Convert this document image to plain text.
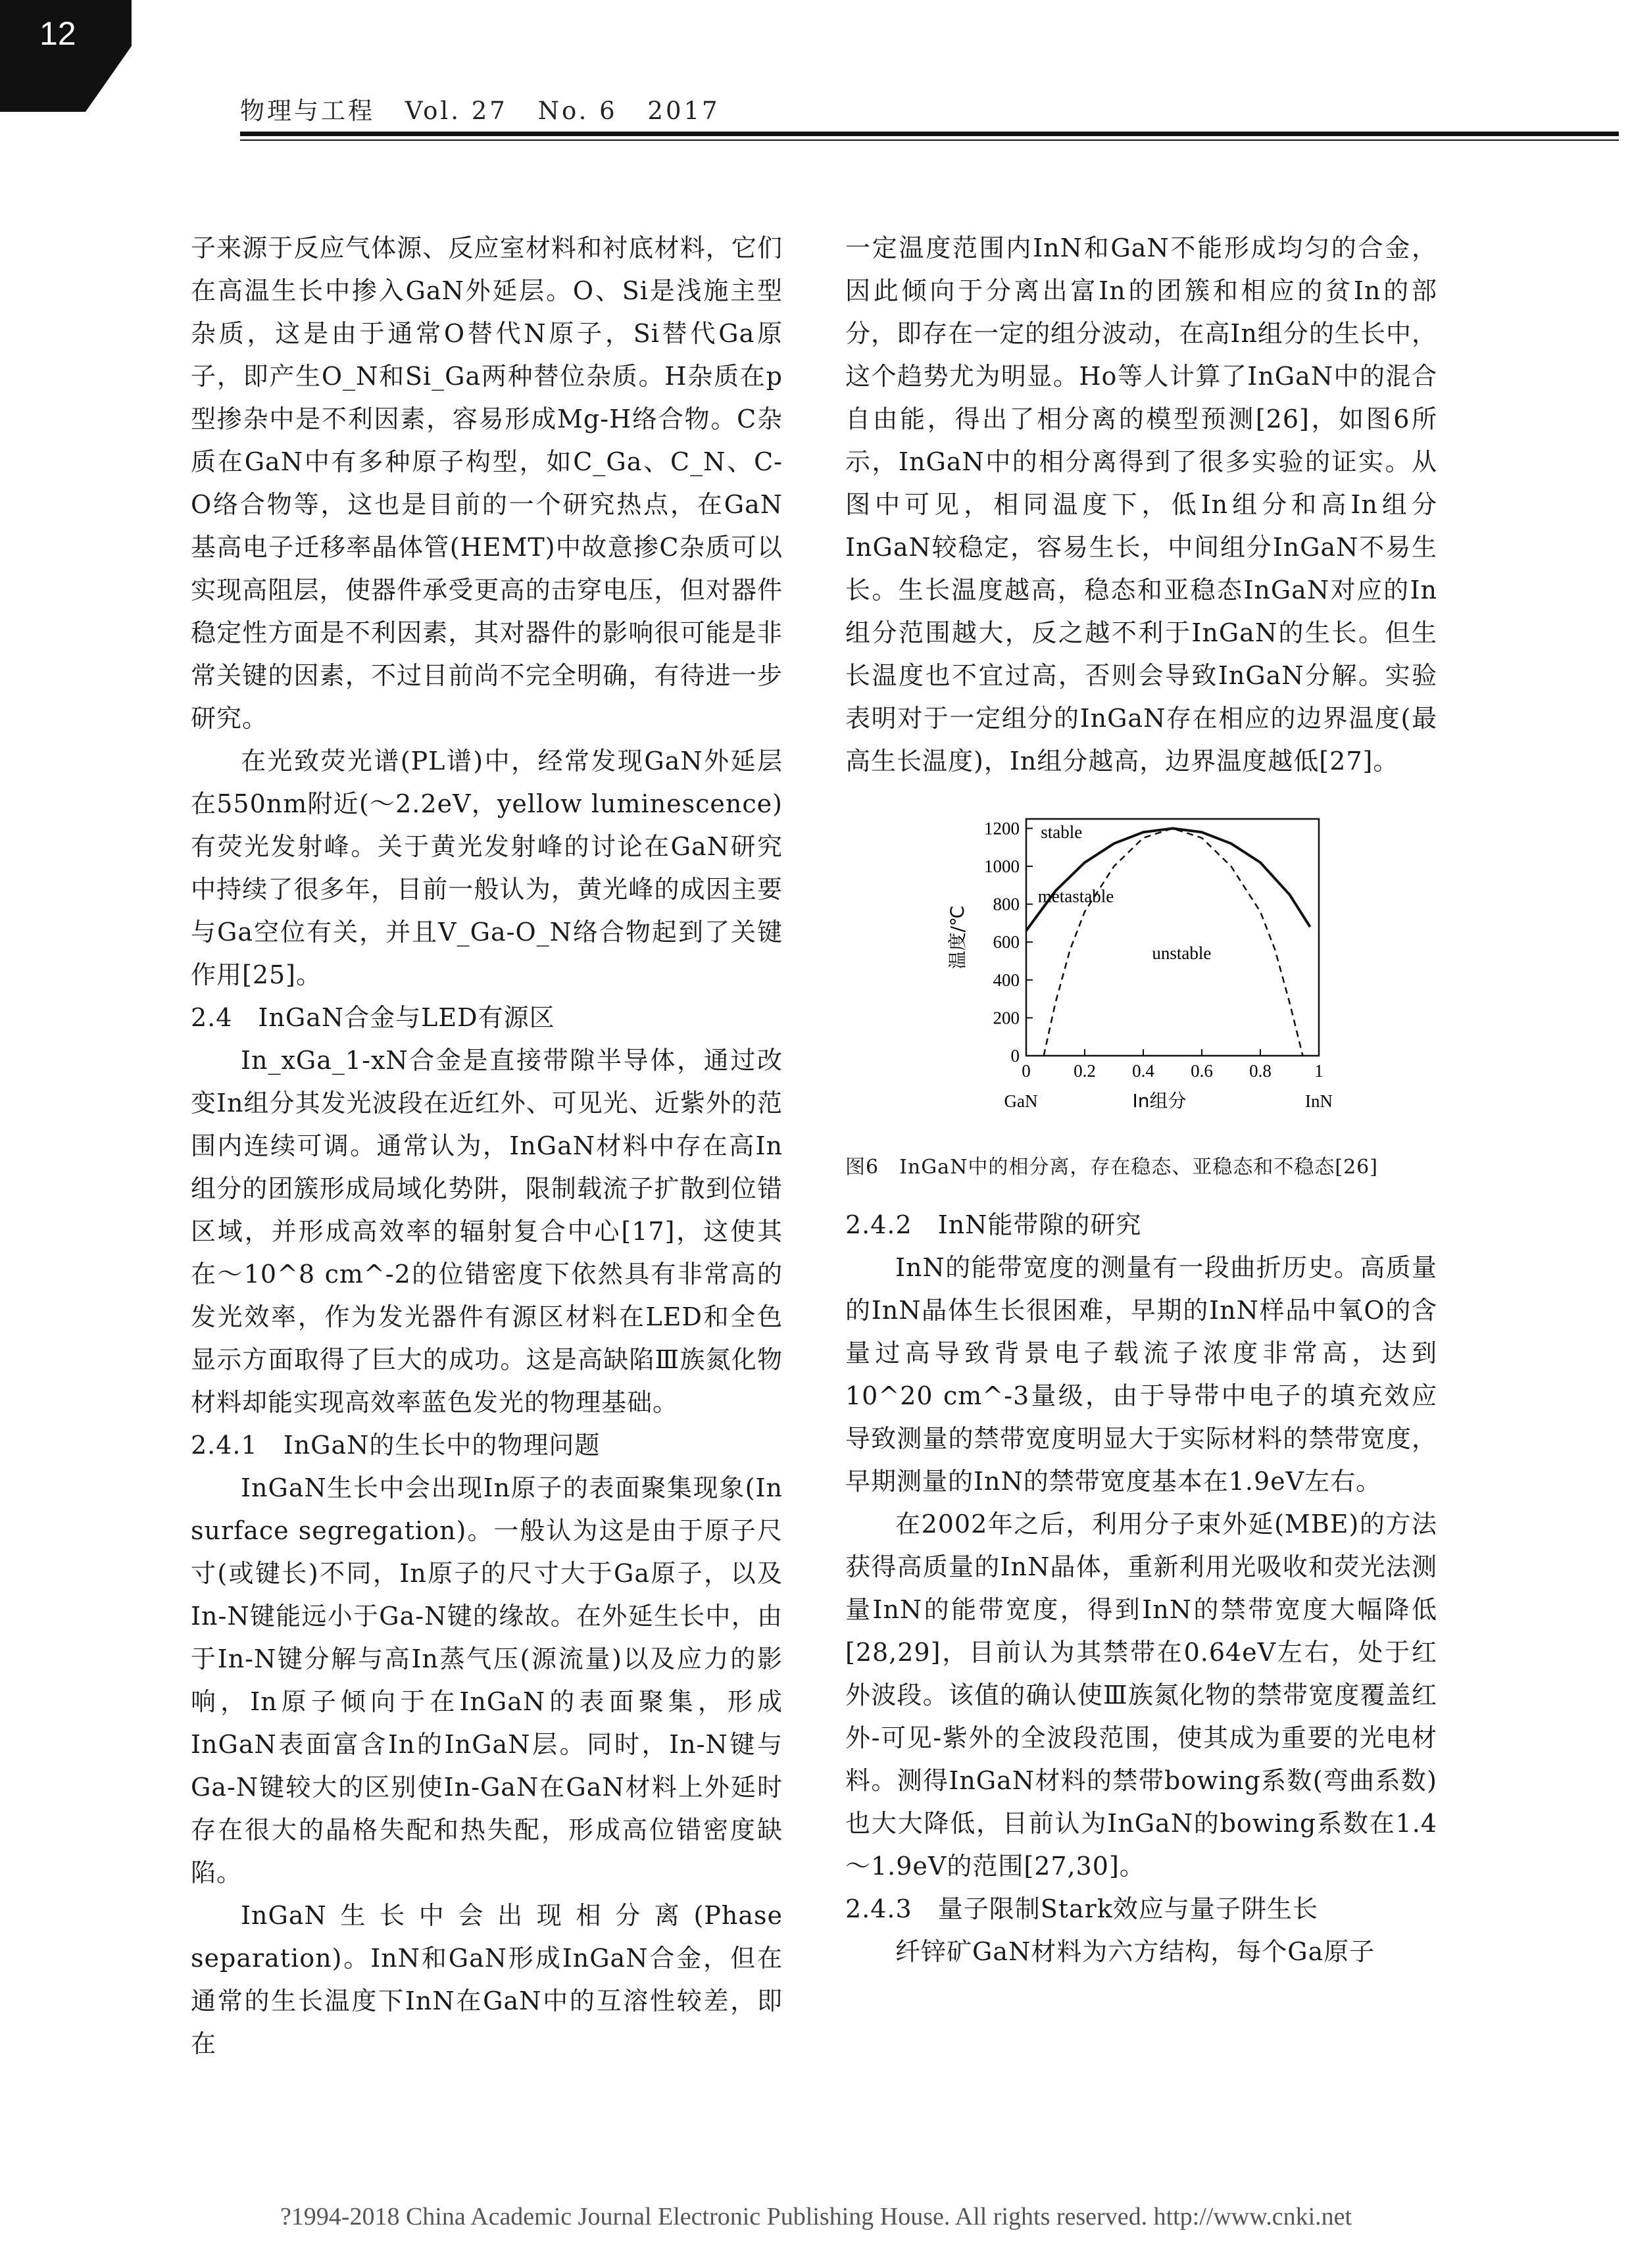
12
物理与工程 Vol. 27 No. 6 2017

子来源于反应气体源、反应室材料和衬底材料，它们在高温生长中掺入GaN外延层。O、Si是浅施主型杂质，这是由于通常O替代N原子，Si替代Ga原子，即产生O_N和Si_Ga两种替位杂质。H杂质在p型掺杂中是不利因素，容易形成Mg-H络合物。C杂质在GaN中有多种原子构型，如C_Ga、C_N、C-O络合物等，这也是目前的一个研究热点，在GaN基高电子迁移率晶体管(HEMT)中故意掺C杂质可以实现高阻层，使器件承受更高的击穿电压，但对器件稳定性方面是不利因素，其对器件的影响很可能是非常关键的因素，不过目前尚不完全明确，有待进一步研究。

在光致荧光谱(PL谱)中，经常发现GaN外延层在550nm附近(～2.2eV，yellow luminescence)有荧光发射峰。关于黄光发射峰的讨论在GaN研究中持续了很多年，目前一般认为，黄光峰的成因主要与Ga空位有关，并且V_Ga-O_N络合物起到了关键作用[25]。

2.4　InGaN合金与LED有源区

In_xGa_1-xN合金是直接带隙半导体，通过改变In组分其发光波段在近红外、可见光、近紫外的范围内连续可调。通常认为，InGaN材料中存在高In组分的团簇形成局域化势阱，限制载流子扩散到位错区域，并形成高效率的辐射复合中心[17]，这使其在～10^8 cm^-2的位错密度下依然具有非常高的发光效率，作为发光器件有源区材料在LED和全色显示方面取得了巨大的成功。这是高缺陷Ⅲ族氮化物材料却能实现高效率蓝色发光的物理基础。

2.4.1　InGaN的生长中的物理问题

InGaN生长中会出现In原子的表面聚集现象(In surface segregation)。一般认为这是由于原子尺寸(或键长)不同，In原子的尺寸大于Ga原子，以及In-N键能远小于Ga-N键的缘故。在外延生长中，由于In-N键分解与高In蒸气压(源流量)以及应力的影响，In原子倾向于在InGaN的表面聚集，形成InGaN表面富含In的InGaN层。同时，In-N键与Ga-N键较大的区别使In-GaN在GaN材料上外延时存在很大的晶格失配和热失配，形成高位错密度缺陷。

InGaN生长中会出现相分离(Phase separation)。InN和GaN形成InGaN合金，但在通常的生长温度下InN在GaN中的互溶性较差，即在

一定温度范围内InN和GaN不能形成均匀的合金，因此倾向于分离出富In的团簇和相应的贫In的部分，即存在一定的组分波动，在高In组分的生长中，这个趋势尤为明显。Ho等人计算了InGaN中的混合自由能，得出了相分离的模型预测[26]，如图6所示，InGaN中的相分离得到了很多实验的证实。从图中可见，相同温度下，低In组分和高In组分InGaN较稳定，容易生长，中间组分InGaN不易生长。生长温度越高，稳态和亚稳态InGaN对应的In组分范围越大，反之越不利于InGaN的生长。但生长温度也不宜过高，否则会导致InGaN分解。实验表明对于一定组分的InGaN存在相应的边界温度(最高生长温度)，In组分越高，边界温度越低[27]。

0
200
400
600
800
1000
1200
0 0.2 0.4 0.6 0.8 1
GaN	InN
In组分
温度/℃
stable
metastable
unstable
图6　InGaN中的相分离，存在稳态、亚稳态和不稳态[26]
2.4.2　InN能带隙的研究

InN的能带宽度的测量有一段曲折历史。高质量的InN晶体生长很困难，早期的InN样品中氧O的含量过高导致背景电子载流子浓度非常高，达到10^20 cm^-3量级，由于导带中电子的填充效应导致测量的禁带宽度明显大于实际材料的禁带宽度，早期测量的InN的禁带宽度基本在1.9eV左右。

在2002年之后，利用分子束外延(MBE)的方法获得高质量的InN晶体，重新利用光吸收和荧光法测量InN的能带宽度，得到InN的禁带宽度大幅降低[28,29]，目前认为其禁带在0.64eV左右，处于红外波段。该值的确认使Ⅲ族氮化物的禁带宽度覆盖红外-可见-紫外的全波段范围，使其成为重要的光电材料。测得InGaN材料的禁带bowing系数(弯曲系数)也大大降低，目前认为InGaN的bowing系数在1.4～1.9eV的范围[27,30]。

2.4.3　量子限制Stark效应与量子阱生长

纤锌矿GaN材料为六方结构，每个Ga原子

?1994-2018 China Academic Journal Electronic Publishing House. All rights reserved. http://www.cnki.net
